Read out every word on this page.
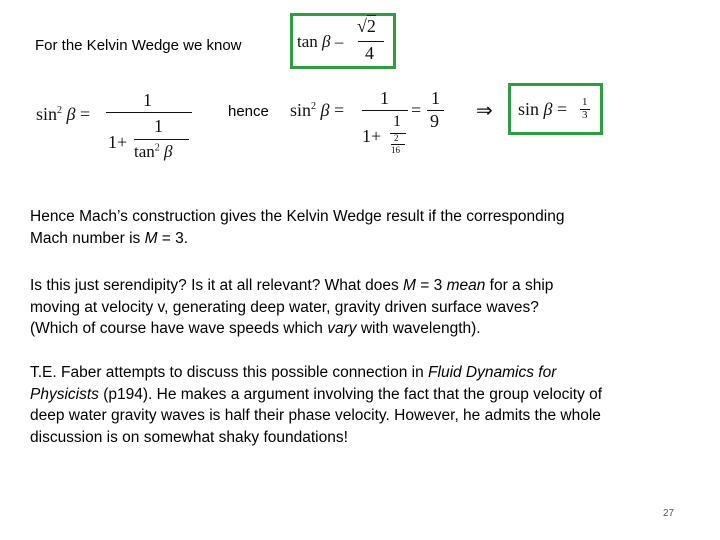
For the Kelvin Wedge we know	tan β –
√2
4
$\sin^2 \beta$ =
1
1+
1
$\tan^2 \beta$
hence $\sin^2 \beta$ =
1
1+
1
2
16
=
1
9 ⇒ sin β = 1
3
Hence Mach’s construction gives the Kelvin Wedge result if the corresponding
Mach number is M = 3.
Is this just serendipity? Is it at all relevant? What does M = 3 mean for a ship
moving at velocity v, generating deep water, gravity driven surface waves?
(Which of course have wave speeds which vary with wavelength).
T.E. Faber attempts to discuss this possible connection in Fluid Dynamics for
Physicists (p194). He makes a argument involving the fact that the group velocity of
deep water gravity waves is half their phase velocity. However, he admits the whole
discussion is on somewhat shaky foundations!
27
